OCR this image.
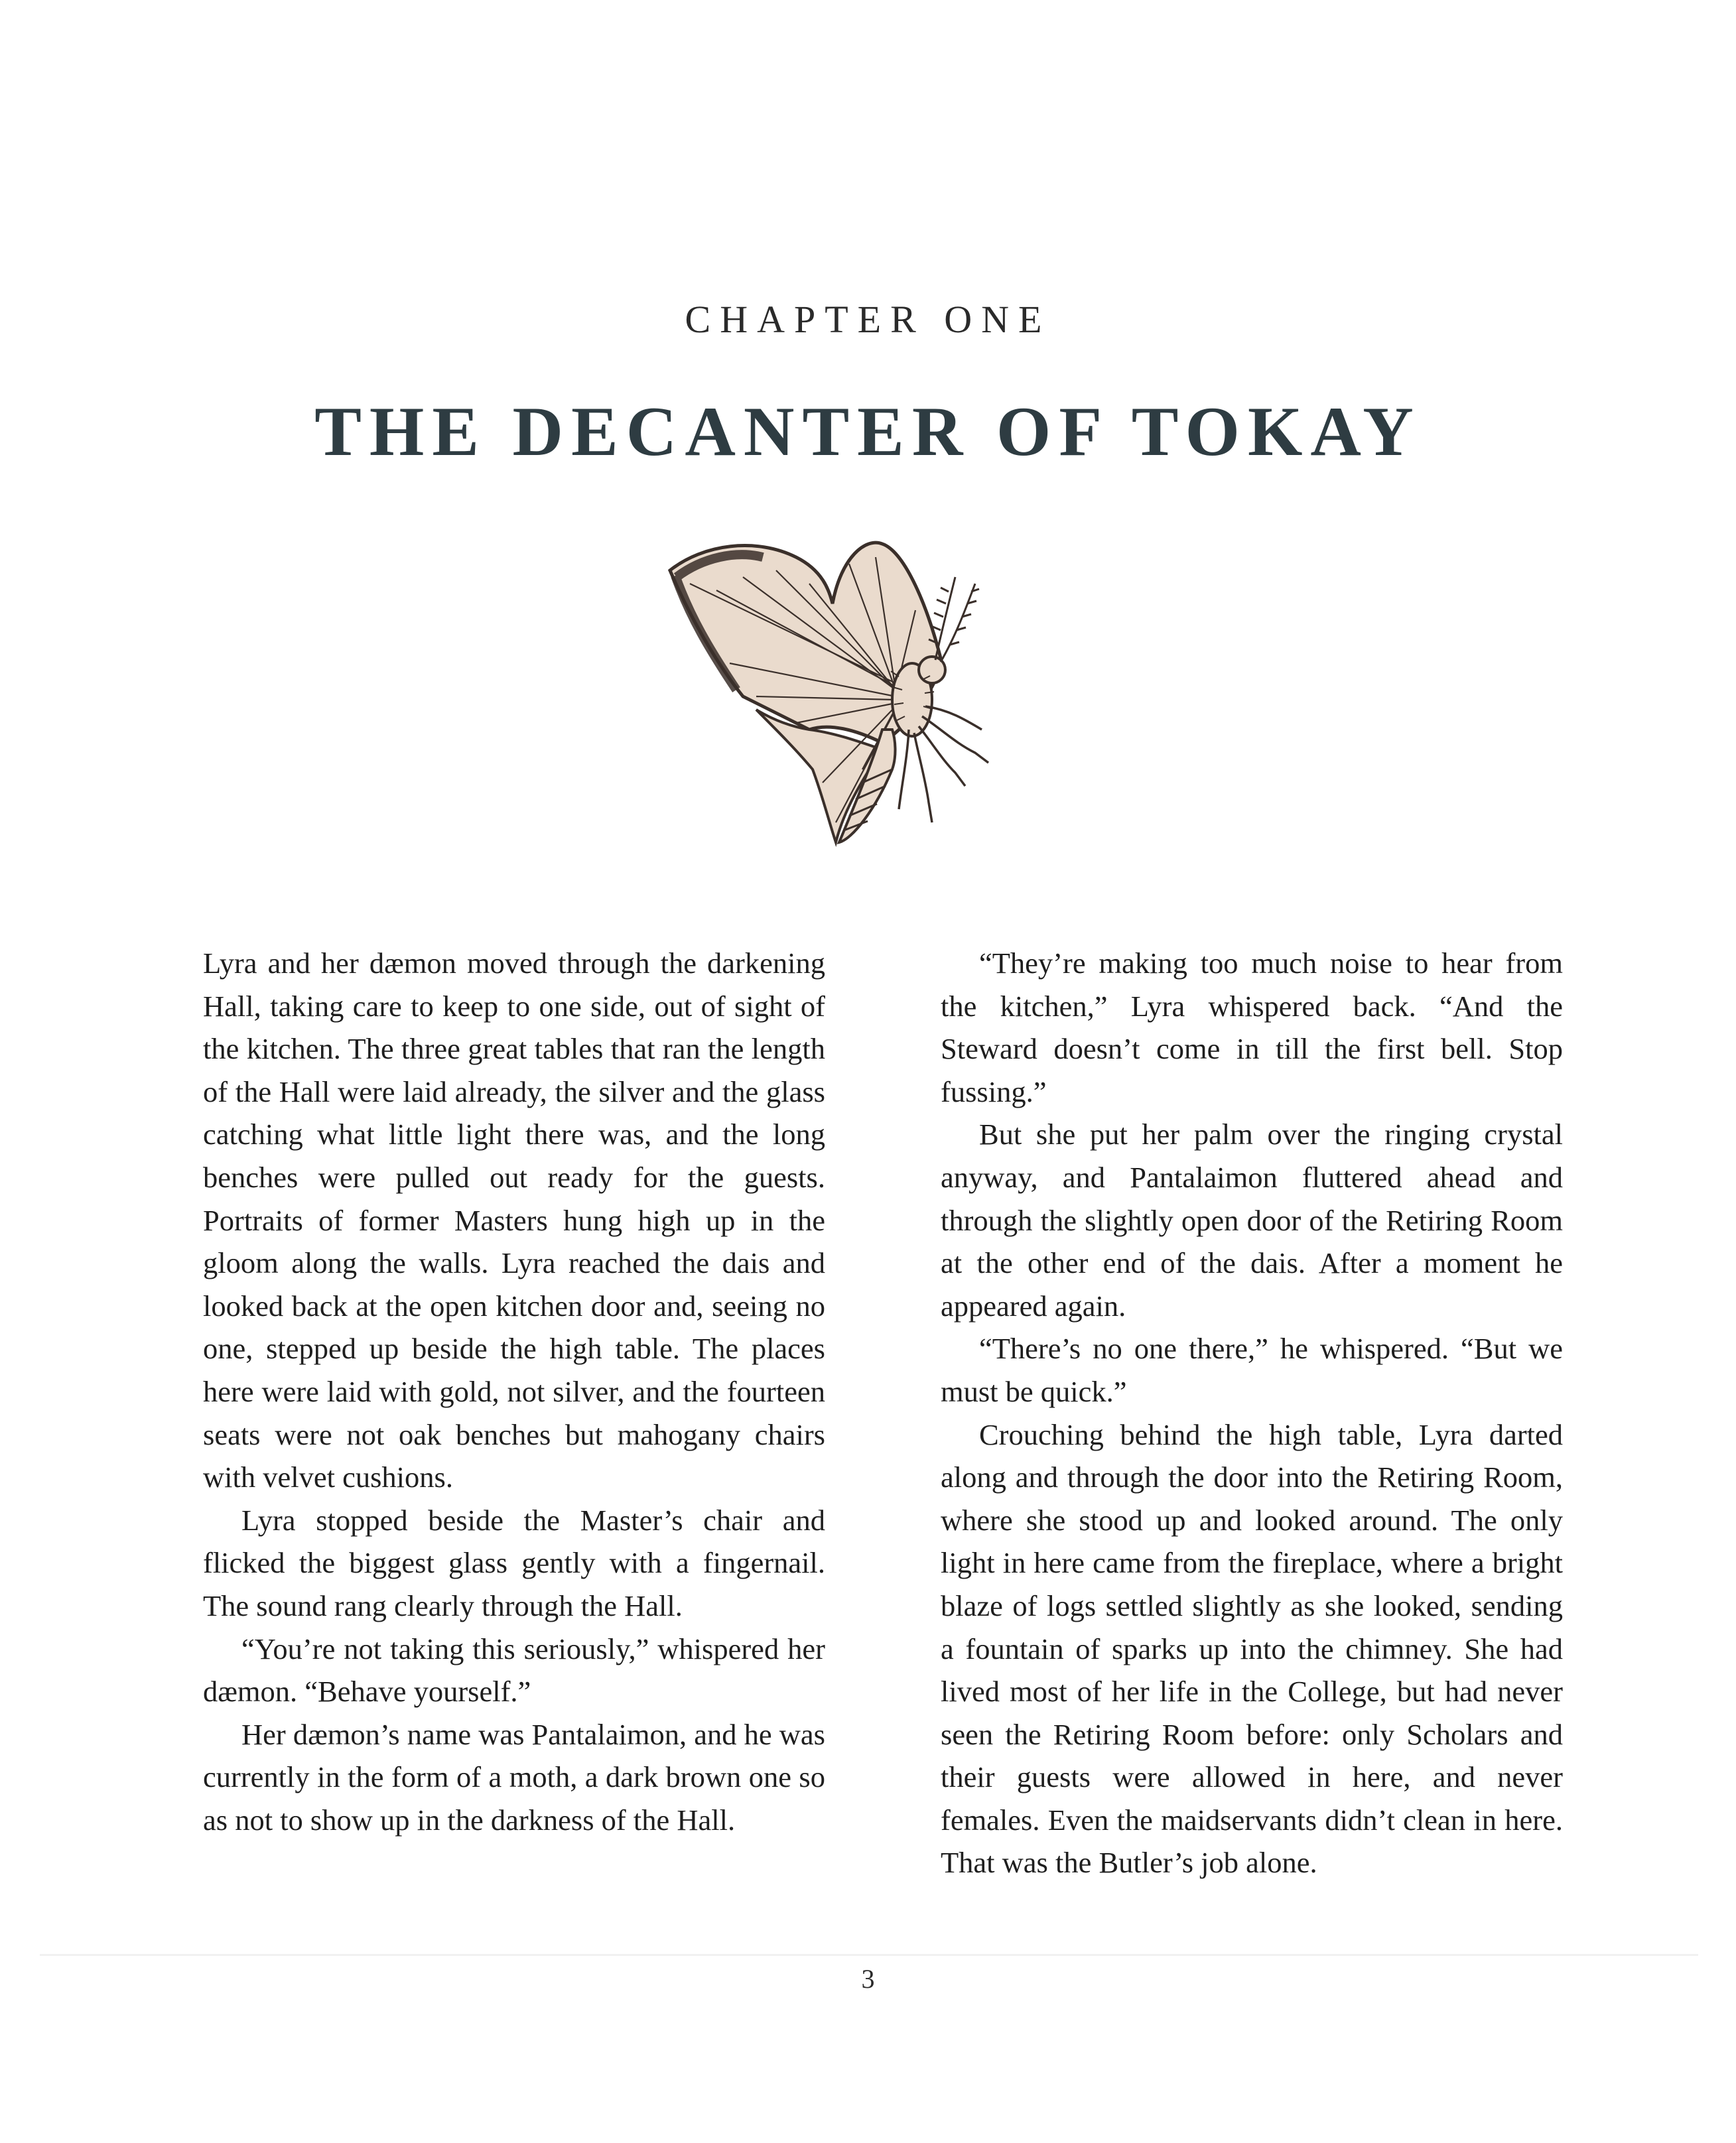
CHAPTER ONE
THE DECANTER OF TOKAY

Lyra and her dæmon moved through the darkening Hall, taking care to keep to one side, out of sight of the kitchen. The three great tables that ran the length of the Hall were laid already, the silver and the glass catching what little light there was, and the long benches were pulled out ready for the guests. Portraits of former Masters hung high up in the gloom along the walls. Lyra reached the dais and looked back at the open kitchen door and, seeing no one, stepped up beside the high table. The places here were laid with gold, not silver, and the fourteen seats were not oak benches but mahogany chairs with velvet cushions.

Lyra stopped beside the Master’s chair and flicked the biggest glass gently with a fingernail. The sound rang clearly through the Hall.

“You’re not taking this seriously,” whispered her dæmon. “Behave yourself.”

Her dæmon’s name was Pantalaimon, and he was currently in the form of a moth, a dark brown one so as not to show up in the darkness of the Hall.

“They’re making too much noise to hear from the kitchen,” Lyra whispered back. “And the Steward doesn’t come in till the first bell. Stop fussing.”

But she put her palm over the ringing crystal anyway, and Pantalaimon fluttered ahead and through the slightly open door of the Retiring Room at the other end of the dais. After a moment he appeared again.

“There’s no one there,” he whispered. “But we must be quick.”

Crouching behind the high table, Lyra darted along and through the door into the Retiring Room, where she stood up and looked around. The only light in here came from the fireplace, where a bright blaze of logs settled slightly as she looked, sending a fountain of sparks up into the chimney. She had lived most of her life in the College, but had never seen the Retiring Room before: only Scholars and their guests were allowed in here, and never females. Even the maidservants didn’t clean in here. That was the Butler’s job alone.

3
